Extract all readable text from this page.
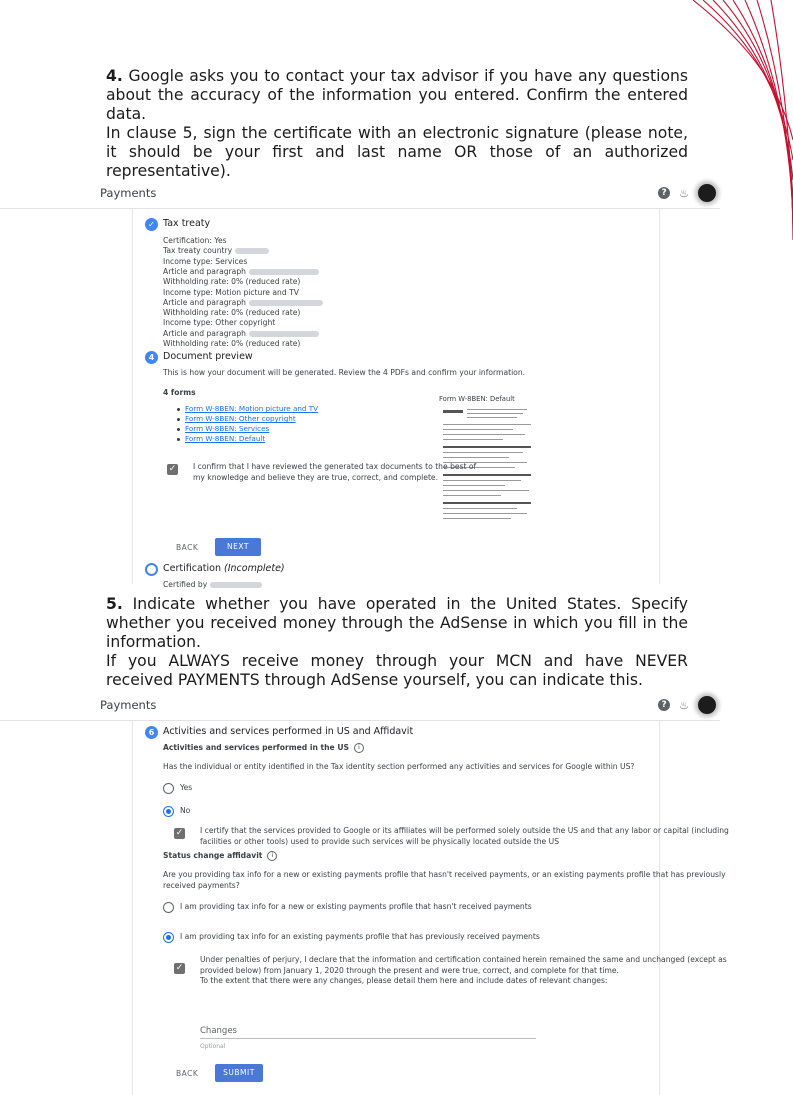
4. Google asks you to contact your tax advisor if you have any questions about the accuracy of the information you entered. Confirm the entered data.

In clause 5, sign the certificate with an electronic signature (please note, it should be your first and last name OR those of an authorized representative).

Payments	?	♨
✓ Tax treaty
Certification: Yes
Tax treaty country
Income type: Services
Article and paragraph
Withholding rate: 0% (reduced rate)
Income type: Motion picture and TV
Article and paragraph
Withholding rate: 0% (reduced rate)
Income type: Other copyright
Article and paragraph
Withholding rate: 0% (reduced rate)
4 Document preview
This is how your document will be generated. Review the 4 PDFs and confirm your information.
4 forms
Form W-8BEN: Motion picture and TV
Form W-8BEN: Other copyright
Form W-8BEN: Services
Form W-8BEN: Default
Form W-8BEN: Default
✓ I confirm that I have reviewed the generated tax documents to the best of
my knowledge and believe they are true, correct, and complete.
BACK	NEXT
Certification (Incomplete)
Certified by

5. Indicate whether you have operated in the United States. Specify whether you received money through the AdSense in which you fill in the information.

If you ALWAYS receive money through your MCN and have NEVER received PAYMENTS through AdSense yourself, you can indicate this.

Payments	?	♨
6 Activities and services performed in US and Affidavit
Activities and services performed in the US i
Has the individual or entity identified in the Tax identity section performed any activities and services for Google within US?
Yes
No
✓ I certify that the services provided to Google or its affiliates will be performed solely outside the US and that any labor or capital (including
facilities or other tools) used to provide such services will be physically located outside the US
Status change affidavit i
Are you providing tax info for a new or existing payments profile that hasn't received payments, or an existing payments profile that has previously
received payments?
I am providing tax info for a new or existing payments profile that hasn't received payments
I am providing tax info for an existing payments profile that has previously received payments
✓
Under penalties of perjury, I declare that the information and certification contained herein remained the same and unchanged (except as
provided below) from January 1, 2020 through the present and were true, correct, and complete for that time.
To the extent that there were any changes, please detail them here and include dates of relevant changes:
Changes
Optional
BACK	SUBMIT
